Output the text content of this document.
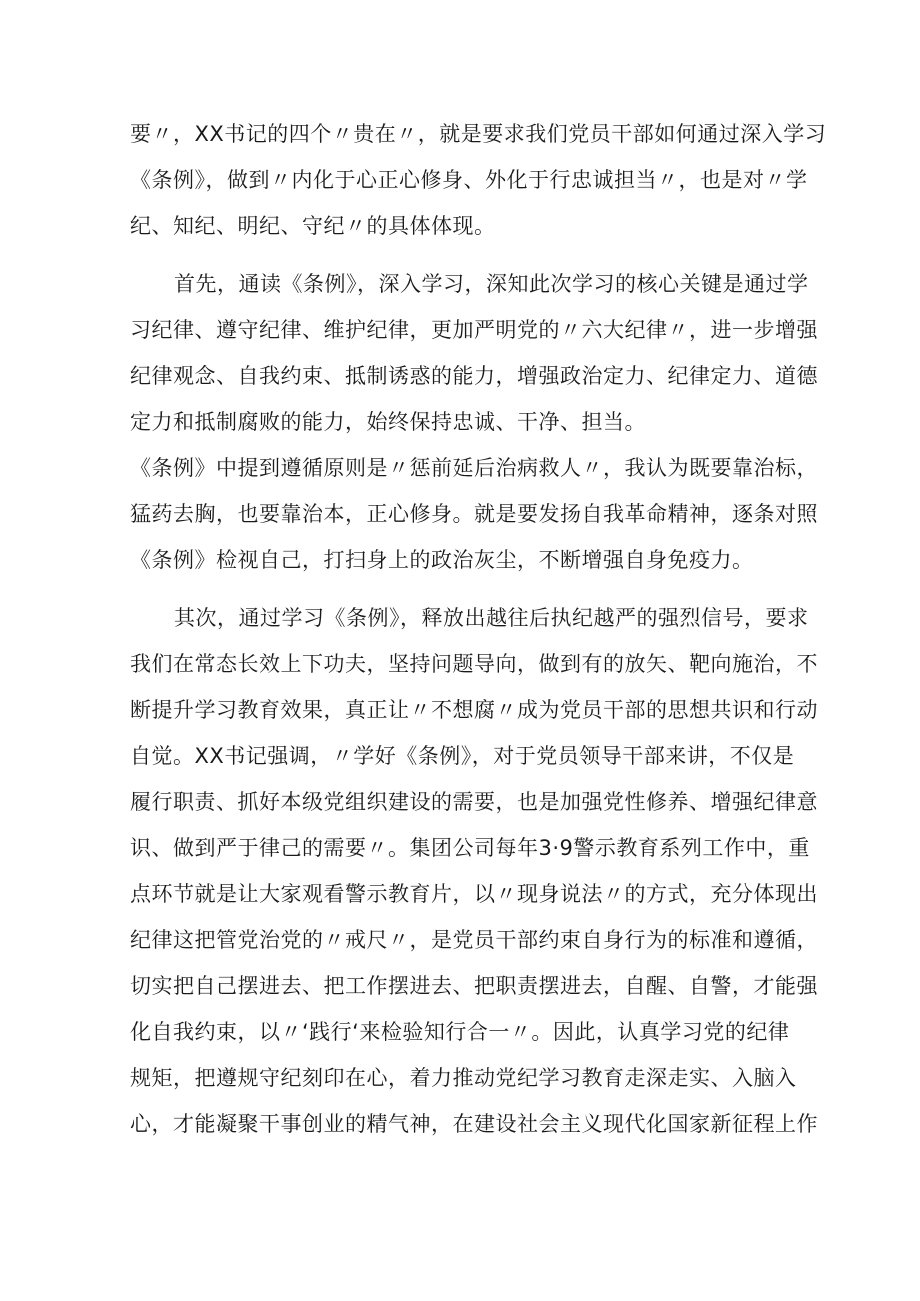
要〃，XX书记的四个〃贵在〃，就是要求我们党员干部如何通过深入学习

《条例》，做到〃内化于心正心修身、外化于行忠诚担当〃，也是对〃学

纪、知纪、明纪、守纪〃的具体体现。

首先，通读《条例》，深入学习，深知此次学习的核心关键是通过学

习纪律、遵守纪律、维护纪律，更加严明党的〃六大纪律〃，进一步增强

纪律观念、自我约束、抵制诱惑的能力，增强政治定力、纪律定力、道德

定力和抵制腐败的能力，始终保持忠诚、干净、担当。

《条例》中提到遵循原则是〃惩前延后治病救人〃，我认为既要靠治标，

猛药去胸，也要靠治本，正心修身。就是要发扬自我革命精神，逐条对照

《条例》检视自己，打扫身上的政治灰尘，不断增强自身免疫力。

其次，通过学习《条例》，释放出越往后执纪越严的强烈信号，要求

我们在常态长效上下功夫，坚持问题导向，做到有的放矢、靶向施治，不

断提升学习教育效果，真正让〃不想腐〃成为党员干部的思想共识和行动

自觉。XX书记强调，〃学好《条例》，对于党员领导干部来讲，不仅是

履行职责、抓好本级党组织建设的需要，也是加强党性修养、增强纪律意

识、做到严于律己的需要〃。集团公司每年3·9警示教育系列工作中，重

点环节就是让大家观看警示教育片，以〃现身说法〃的方式，充分体现出

纪律这把管党治党的〃戒尺〃，是党员干部约束自身行为的标准和遵循，

切实把自己摆进去、把工作摆进去、把职责摆进去，自醒、自警，才能强

化自我约束，以〃‘践行‘来检验知行合一〃。因此，认真学习党的纪律

规矩，把遵规守纪刻印在心，着力推动党纪学习教育走深走实、入脑入

心，才能凝聚干事创业的精气神，在建设社会主义现代化国家新征程上作
